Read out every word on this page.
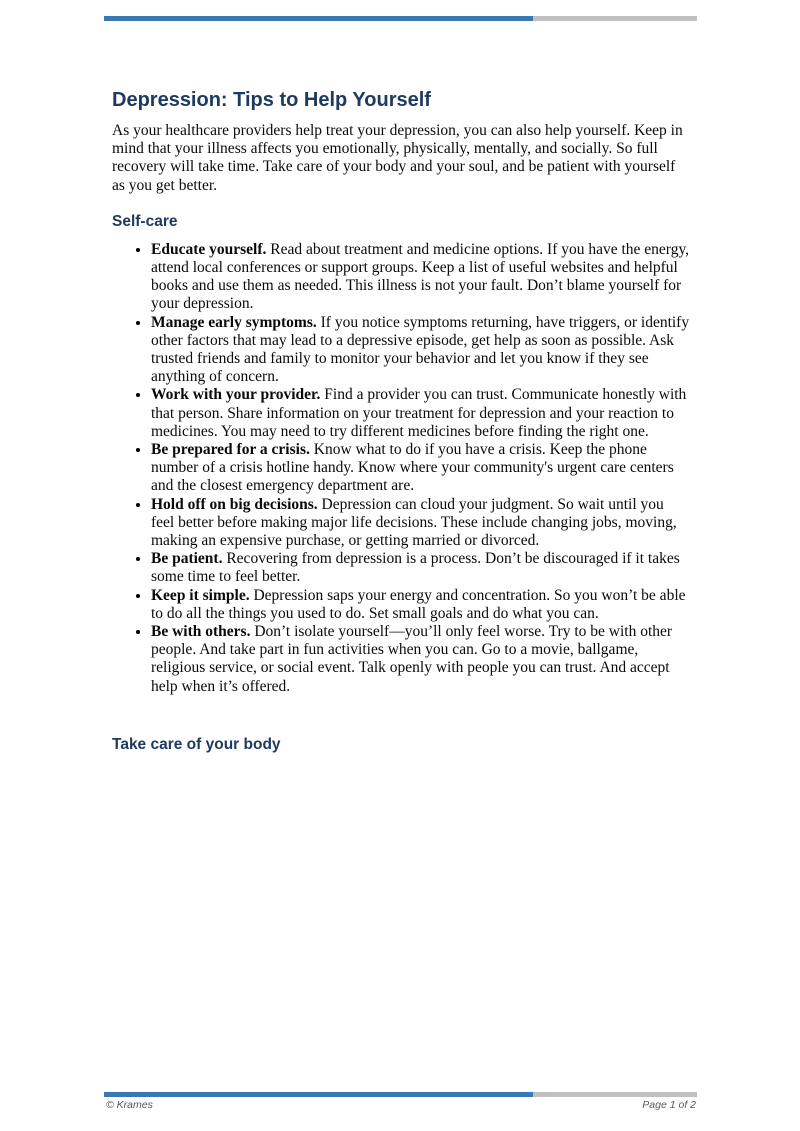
Depression: Tips to Help Yourself

As your healthcare providers help treat your depression, you can also help yourself. Keep in mind that your illness affects you emotionally, physically, mentally, and socially. So full recovery will take time. Take care of your body and your soul, and be patient with yourself as you get better.

Self-care
• Educate yourself. Read about treatment and medicine options. If you have the energy, attend local conferences or support groups. Keep a list of useful websites and helpful books and use them as needed. This illness is not your fault. Don’t blame yourself for your depression.
• Manage early symptoms. If you notice symptoms returning, have triggers, or identify other factors that may lead to a depressive episode, get help as soon as possible. Ask trusted friends and family to monitor your behavior and let you know if they see anything of concern.
• Work with your provider. Find a provider you can trust. Communicate honestly with that person. Share information on your treatment for depression and your reaction to medicines. You may need to try different medicines before finding the right one.
• Be prepared for a crisis. Know what to do if you have a crisis. Keep the phone number of a crisis hotline handy. Know where your community's urgent care centers and the closest emergency department are.
• Hold off on big decisions. Depression can cloud your judgment. So wait until you feel better before making major life decisions. These include changing jobs, moving, making an expensive purchase, or getting married or divorced.
• Be patient. Recovering from depression is a process. Don’t be discouraged if it takes some time to feel better.
• Keep it simple. Depression saps your energy and concentration. So you won’t be able to do all the things you used to do. Set small goals and do what you can.
• Be with others. Don’t isolate yourself—you’ll only feel worse. Try to be with other people. And take part in fun activities when you can. Go to a movie, ballgame, religious service, or social event. Talk openly with people you can trust. And accept help when it’s offered.
Take care of your body
© Krames	Page 1 of 2
